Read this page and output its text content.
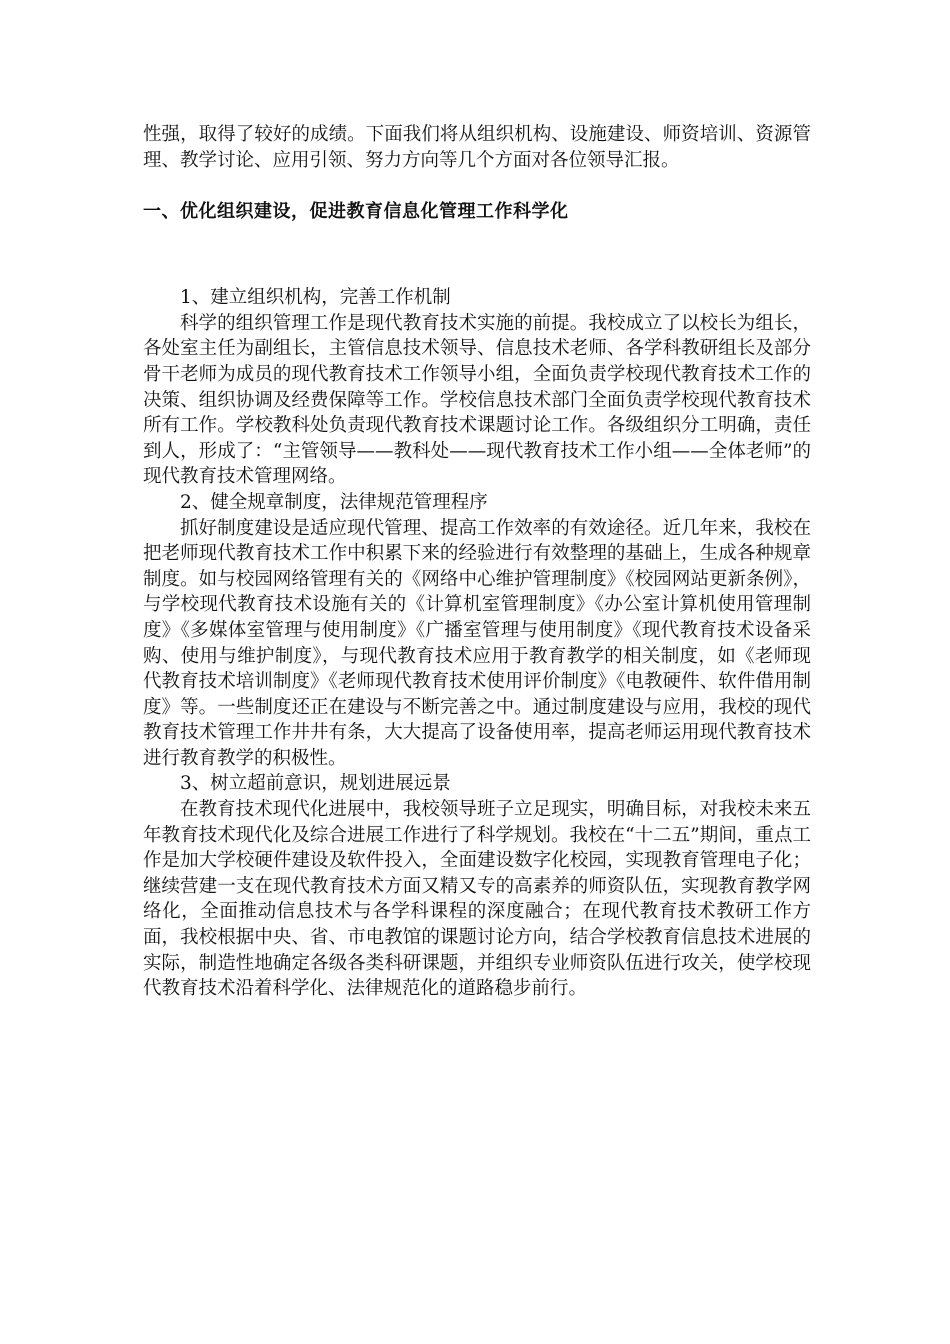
性强，取得了较好的成绩。下面我们将从组织机构、设施建设、师资培训、资源管理、教学讨论、应用引领、努力方向等几个方面对各位领导汇报。

一、优化组织建设，促进教育信息化管理工作科学化

1、建立组织机构，完善工作机制

科学的组织管理工作是现代教育技术实施的前提。我校成立了以校长为组长，各处室主任为副组长，主管信息技术领导、信息技术老师、各学科教研组长及部分骨干老师为成员的现代教育技术工作领导小组，全面负责学校现代教育技术工作的决策、组织协调及经费保障等工作。学校信息技术部门全面负责学校现代教育技术所有工作。学校教科处负责现代教育技术课题讨论工作。各级组织分工明确，责任到人，形成了：“主管领导——教科处——现代教育技术工作小组——全体老师”的现代教育技术管理网络。

2、健全规章制度，法律规范管理程序

抓好制度建设是适应现代管理、提高工作效率的有效途径。近几年来，我校在把老师现代教育技术工作中积累下来的经验进行有效整理的基础上，生成各种规章制度。如与校园网络管理有关的《网络中心维护管理制度》《校园网站更新条例》，与学校现代教育技术设施有关的《计算机室管理制度》《办公室计算机使用管理制度》《多媒体室管理与使用制度》《广播室管理与使用制度》《现代教育技术设备采购、使用与维护制度》，与现代教育技术应用于教育教学的相关制度，如《老师现代教育技术培训制度》《老师现代教育技术使用评价制度》《电教硬件、软件借用制度》等。一些制度还正在建设与不断完善之中。通过制度建设与应用，我校的现代教育技术管理工作井井有条，大大提高了设备使用率，提高老师运用现代教育技术进行教育教学的积极性。

3、树立超前意识，规划进展远景

在教育技术现代化进展中，我校领导班子立足现实，明确目标，对我校未来五年教育技术现代化及综合进展工作进行了科学规划。我校在“十二五”期间，重点工作是加大学校硬件建设及软件投入，全面建设数字化校园，实现教育管理电子化；继续营建一支在现代教育技术方面又精又专的高素养的师资队伍，实现教育教学网络化，全面推动信息技术与各学科课程的深度融合；在现代教育技术教研工作方面，我校根据中央、省、市电教馆的课题讨论方向，结合学校教育信息技术进展的实际，制造性地确定各级各类科研课题，并组织专业师资队伍进行攻关，使学校现代教育技术沿着科学化、法律规范化的道路稳步前行。
